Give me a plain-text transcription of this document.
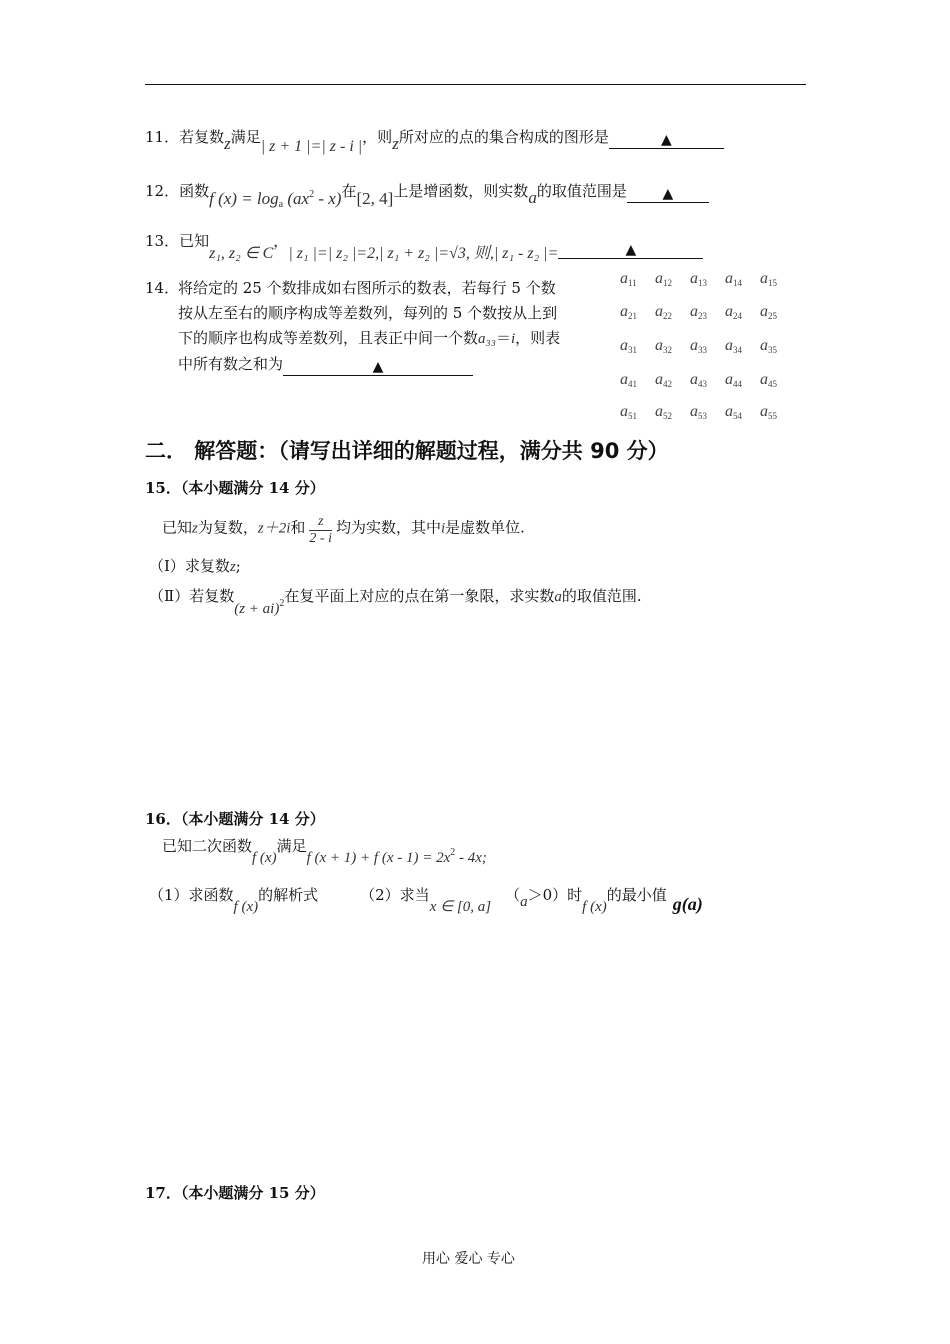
11．若复数z满足| z + 1 |=| z - i |，则z所对应的点的集合构成的图形是	▲
12．函数f $(x) = \log_a (ax^2 - x)$在[2, 4]上是增函数，则实数a的取值范围是	▲
13．已知z₁, z₂ ∈ C，| z₁ |=| z₂ |=2,| z₁ + z₂ |=√3, 则,| z₁ - z₂ |=	▲
14．
将给定的 25 个数排成如右图所示的数表，若每行 5 个数
按从左至右的顺序构成等差数列，每列的 5 个数按从上到
下的顺序也构成等差数列，且表正中间一个数a₃₃＝i，则表
中所有数之和为	▲
$a_{11}$ $a_{12}$ $a_{13}$ $a_{14}$ $a_{15}$
$a_{21}$ $a_{22}$ $a_{23}$ $a_{24}$ $a_{25}$
$a_{31}$ $a_{32}$ $a_{33}$ $a_{34}$ $a_{35}$
$a_{41}$ $a_{42}$ $a_{43}$ $a_{44}$ $a_{45}$
$a_{51}$ $a_{52}$ $a_{53}$ $a_{54}$ $a_{55}$
二． 解答题：（请写出详细的解题过程，满分共 90 分）
15．（本小题满分 14 分）
已知z为复数，z＋2i和 $\frac{z}{2 - i}$ 均为实数，其中i是虚数单位.
（Ⅰ）求复数z;
（Ⅱ）若复数(z + ai)$^2$在复平面上对应的点在第一象限，求实数a的取值范围.
16．（本小题满分 14 分）
已知二次函数f (x)满足f (x + 1) + f $(x - 1) = 2x^2 - 4x$;
（1）求函数f (x)的解析式	（2）求当x ∈ [0, a]（a＞0）时f (x)的最小值 g(a)
17．（本小题满分 15 分）
用心 爱心 专心
